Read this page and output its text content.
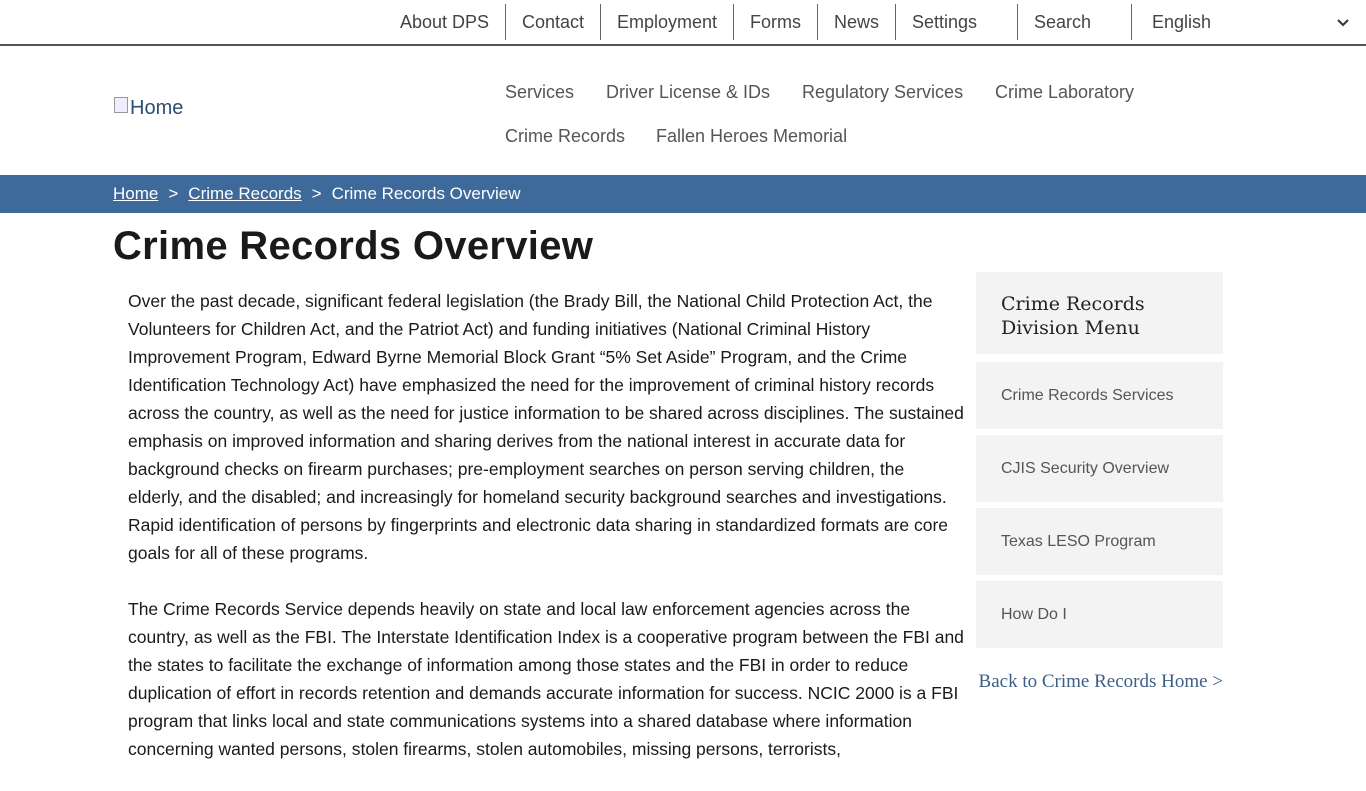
About DPS	Contact	Employment	Forms	News	Settings	Search	English
Home
Services Driver License & IDs Regulatory Services Crime Laboratory
Crime Records Fallen Heroes Memorial
Home > Crime Records > Crime Records Overview
Crime Records Overview

Over the past decade, significant federal legislation (the Brady Bill, the National Child Protection Act, the Volunteers for Children Act, and the Patriot Act) and funding initiatives (National Criminal History Improvement Program, Edward Byrne Memorial Block Grant “5% Set Aside” Program, and the Crime Identification Technology Act) have emphasized the need for the improvement of criminal history records across the country, as well as the need for justice information to be shared across disciplines. The sustained emphasis on improved information and sharing derives from the national interest in accurate data for background checks on firearm purchases; pre-employment searches on person serving children, the elderly, and the disabled; and increasingly for homeland security background searches and investigations. Rapid identification of persons by fingerprints and electronic data sharing in standardized formats are core goals for all of these programs.

The Crime Records Service depends heavily on state and local law enforcement agencies across the country, as well as the FBI. The Interstate Identification Index is a cooperative program between the FBI and the states to facilitate the exchange of information among those states and the FBI in order to reduce duplication of effort in records retention and demands accurate information for success. NCIC 2000 is a FBI program that links local and state communications systems into a shared database where information concerning wanted persons, stolen firearms, stolen automobiles, missing persons, terrorists,

Crime Records Division Menu
Crime Records Services
CJIS Security Overview
Texas LESO Program
How Do I
Back to Crime Records Home >
